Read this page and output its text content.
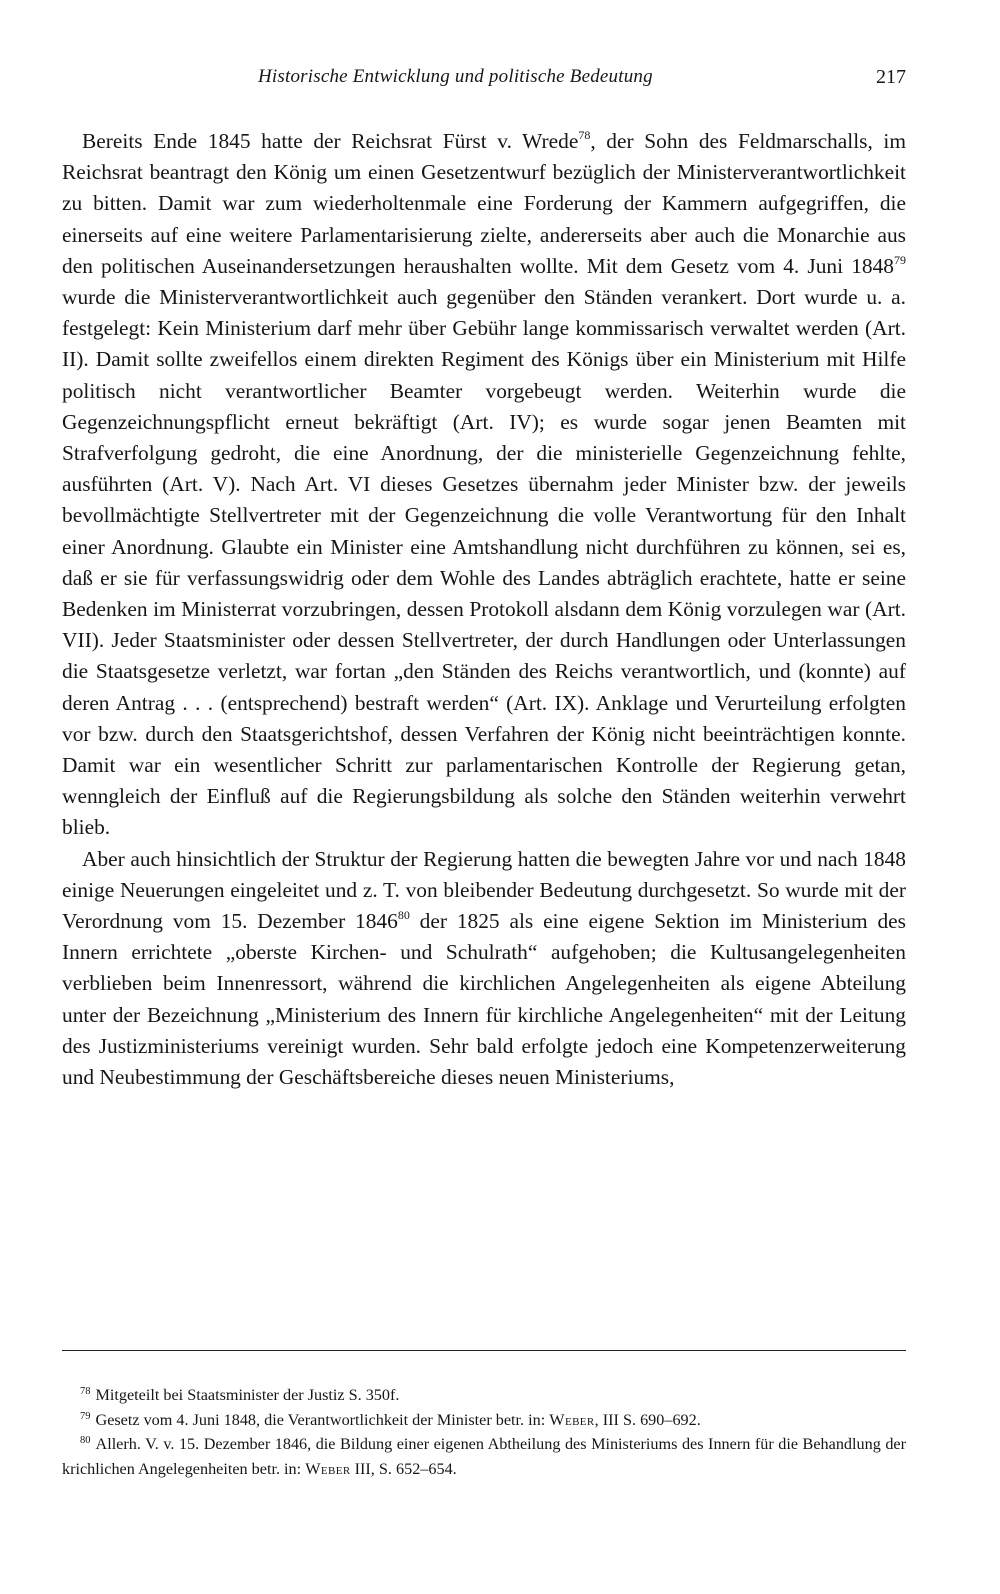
Historische Entwicklung und politische Bedeutung	217

Bereits Ende 1845 hatte der Reichsrat Fürst v. Wrede$^{78}$, der Sohn des Feldmarschalls, im Reichsrat beantragt den König um einen Gesetzentwurf bezüglich der Ministerverantwortlichkeit zu bitten. Damit war zum wiederholtenmale eine Forderung der Kammern aufgegriffen, die einerseits auf eine weitere Parlamentarisierung zielte, andererseits aber auch die Monarchie aus den politischen Auseinandersetzungen heraushalten wollte. Mit dem Gesetz vom 4. Juni 1848$^{79}$ wurde die Ministerverantwortlichkeit auch gegenüber den Ständen verankert. Dort wurde u. a. festgelegt: Kein Ministerium darf mehr über Gebühr lange kommissarisch verwaltet werden (Art. II). Damit sollte zweifellos einem direkten Regiment des Königs über ein Ministerium mit Hilfe politisch nicht verantwortlicher Beamter vorgebeugt werden. Weiterhin wurde die Gegenzeichnungspflicht erneut bekräftigt (Art. IV); es wurde sogar jenen Beamten mit Strafverfolgung gedroht, die eine Anordnung, der die ministerielle Gegenzeichnung fehlte, ausführten (Art. V). Nach Art. VI dieses Gesetzes übernahm jeder Minister bzw. der jeweils bevollmächtigte Stellvertreter mit der Gegenzeichnung die volle Verantwortung für den Inhalt einer Anordnung. Glaubte ein Minister eine Amtshandlung nicht durchführen zu können, sei es, daß er sie für verfassungswidrig oder dem Wohle des Landes abträglich erachtete, hatte er seine Bedenken im Ministerrat vorzubringen, dessen Protokoll alsdann dem König vorzulegen war (Art. VII). Jeder Staatsminister oder dessen Stellvertreter, der durch Handlungen oder Unterlassungen die Staatsgesetze verletzt, war fortan „den Ständen des Reichs verantwortlich, und (konnte) auf deren Antrag . . . (entsprechend) bestraft werden“ (Art. IX). Anklage und Verurteilung erfolgten vor bzw. durch den Staatsgerichtshof, dessen Verfahren der König nicht beeinträchtigen konnte. Damit war ein wesentlicher Schritt zur parlamentarischen Kontrolle der Regierung getan, wenngleich der Einfluß auf die Regierungsbildung als solche den Ständen weiterhin verwehrt blieb.

Aber auch hinsichtlich der Struktur der Regierung hatten die bewegten Jahre vor und nach 1848 einige Neuerungen eingeleitet und z. T. von bleibender Bedeutung durchgesetzt. So wurde mit der Verordnung vom 15. Dezember 1846$^{80}$ der 1825 als eine eigene Sektion im Ministerium des Innern errichtete „oberste Kirchen- und Schulrath“ aufgehoben; die Kultusangelegenheiten verblieben beim Innenressort, während die kirchlichen Angelegenheiten als eigene Abteilung unter der Bezeichnung „Ministerium des Innern für kirchliche Angelegenheiten“ mit der Leitung des Justizministeriums vereinigt wurden. Sehr bald erfolgte jedoch eine Kompetenzerweiterung und Neubestimmung der Geschäftsbereiche dieses neuen Ministeriums,

$^{78}$ Mitgeteilt bei Staatsminister der Justiz S. 350f.

$^{79}$ Gesetz vom 4. Juni 1848, die Verantwortlichkeit der Minister betr. in: Weber, III S. 690–692.

$^{80}$ Allerh. V. v. 15. Dezember 1846, die Bildung einer eigenen Abtheilung des Ministeriums des Innern für die Behandlung der krichlichen Angelegenheiten betr. in: Weber III, S. 652–654.
